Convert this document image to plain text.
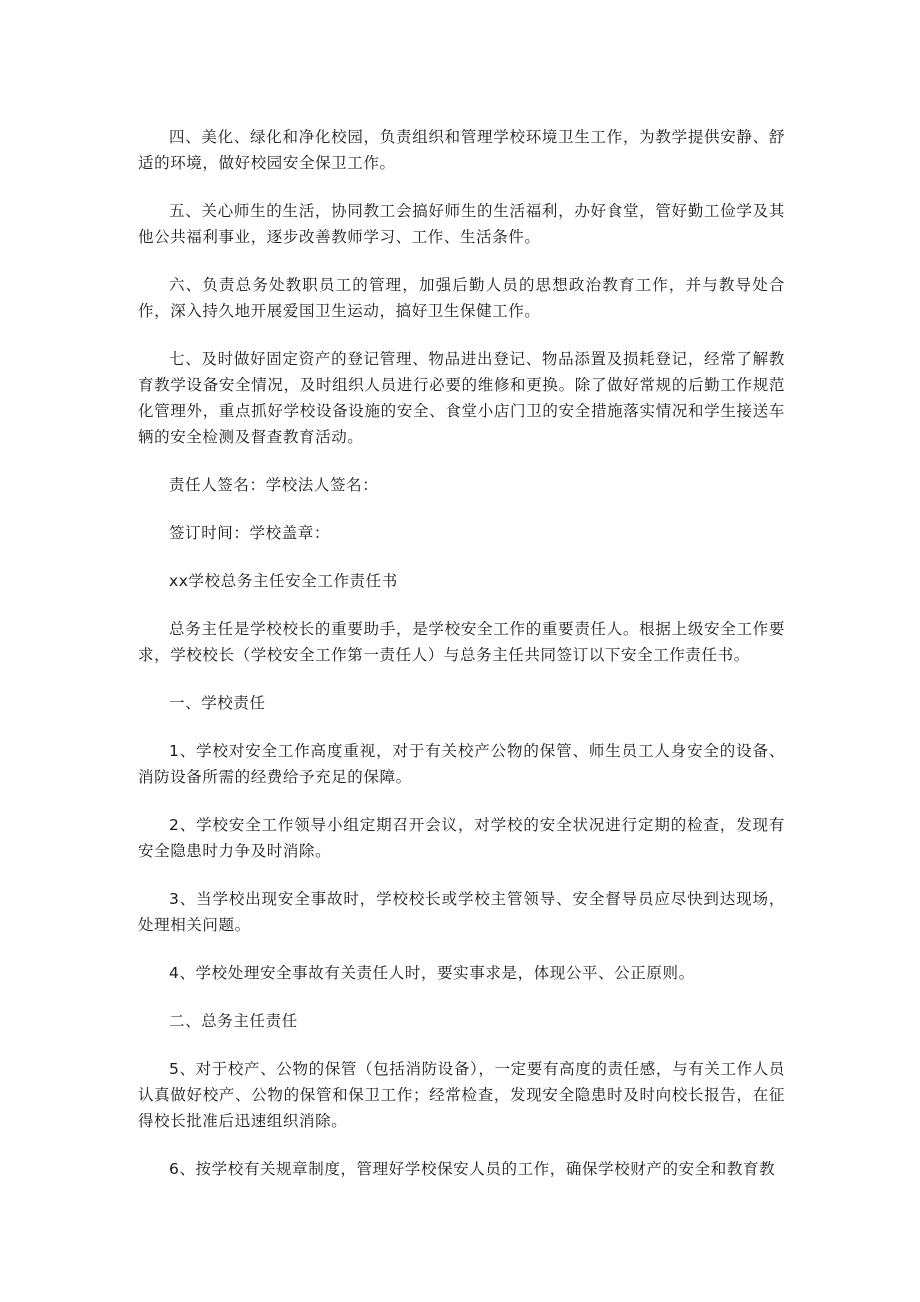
四、美化、绿化和净化校园，负责组织和管理学校环境卫生工作，为教学提供安静、舒适的环境，做好校园安全保卫工作。

五、关心师生的生活，协同教工会搞好师生的生活福利，办好食堂，管好勤工俭学及其他公共福利事业，逐步改善教师学习、工作、生活条件。

六、负责总务处教职员工的管理，加强后勤人员的思想政治教育工作，并与教导处合作，深入持久地开展爱国卫生运动，搞好卫生保健工作。

七、及时做好固定资产的登记管理、物品进出登记、物品添置及损耗登记，经常了解教育教学设备安全情况，及时组织人员进行必要的维修和更换。除了做好常规的后勤工作规范化管理外，重点抓好学校设备设施的安全、食堂小店门卫的安全措施落实情况和学生接送车辆的安全检测及督查教育活动。

责任人签名：学校法人签名：

签订时间：学校盖章：

xx学校总务主任安全工作责任书

总务主任是学校校长的重要助手，是学校安全工作的重要责任人。根据上级安全工作要求，学校校长（学校安全工作第一责任人）与总务主任共同签订以下安全工作责任书。

一、学校责任

1、学校对安全工作高度重视，对于有关校产公物的保管、师生员工人身安全的设备、消防设备所需的经费给予充足的保障。

2、学校安全工作领导小组定期召开会议，对学校的安全状况进行定期的检查，发现有安全隐患时力争及时消除。

3、当学校出现安全事故时，学校校长或学校主管领导、安全督导员应尽快到达现场，处理相关问题。

4、学校处理安全事故有关责任人时，要实事求是，体现公平、公正原则。

二、总务主任责任

5、对于校产、公物的保管（包括消防设备），一定要有高度的责任感，与有关工作人员认真做好校产、公物的保管和保卫工作；经常检查，发现安全隐患时及时向校长报告，在征得校长批准后迅速组织消除。

6、按学校有关规章制度，管理好学校保安人员的工作，确保学校财产的安全和教育教
